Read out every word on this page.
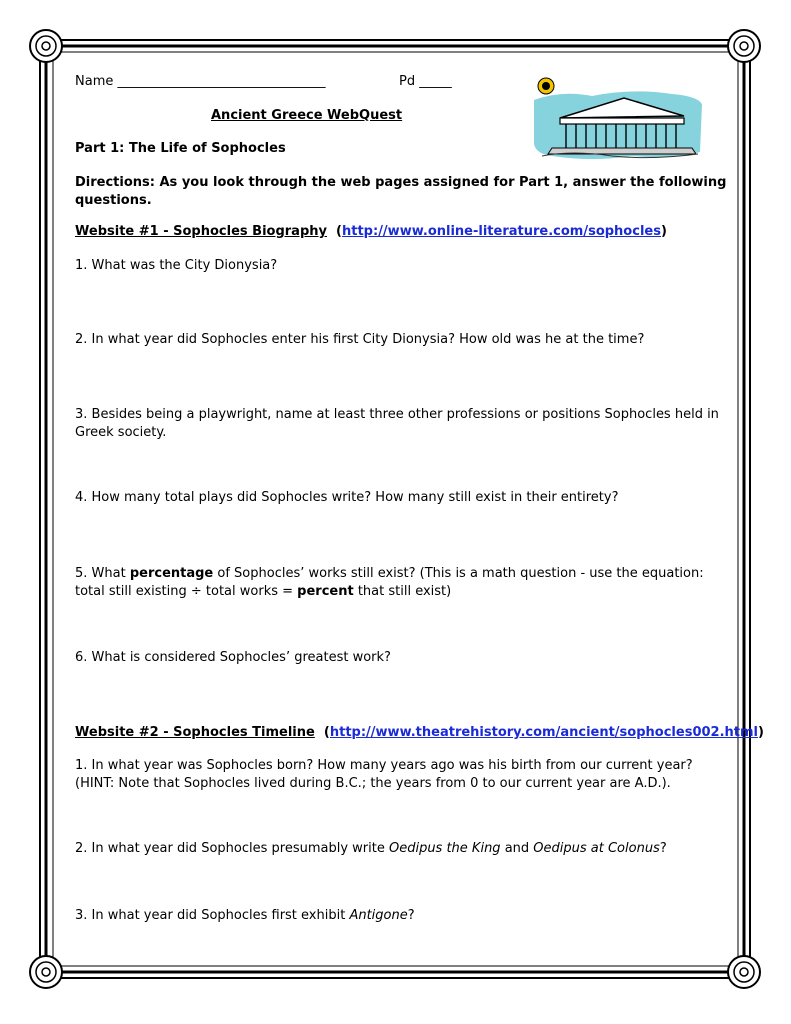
Name ________________________________	Pd _____
Ancient Greece WebQuest
Part 1: The Life of Sophocles
Directions: As you look through the web pages assigned for Part 1, answer the following questions.
Website #1 - Sophocles Biography (http://www.online-literature.com/sophocles)
1. What was the City Dionysia?
2. In what year did Sophocles enter his first City Dionysia? How old was he at the time?
3. Besides being a playwright, name at least three other professions or positions Sophocles held in Greek society.
4. How many total plays did Sophocles write? How many still exist in their entirety?
5. What percentage of Sophocles’ works still exist? (This is a math question - use the equation: total still existing ÷ total works = percent that still exist)
6. What is considered Sophocles’ greatest work?
Website #2 - Sophocles Timeline (http://www.theatrehistory.com/ancient/sophocles002.html)
1. In what year was Sophocles born? How many years ago was his birth from our current year? (HINT: Note that Sophocles lived during B.C.; the years from 0 to our current year are A.D.).
2. In what year did Sophocles presumably write Oedipus the King and Oedipus at Colonus?
3. In what year did Sophocles first exhibit Antigone?
